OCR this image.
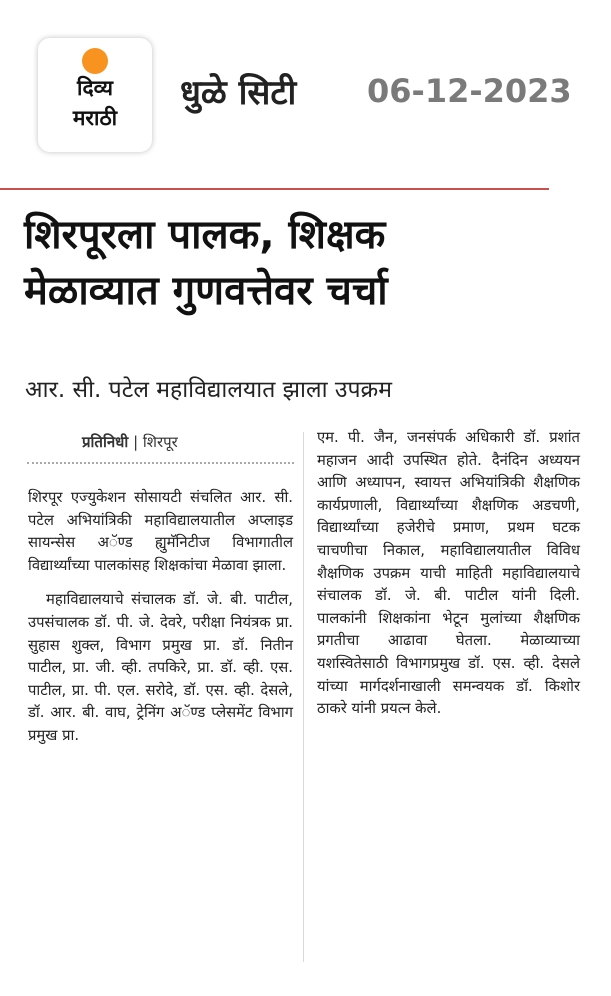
दिव्य
मराठी
धुळे सिटी 06-12-2023
शिरपूरला पालक, शिक्षक
मेळाव्यात गुणवत्तेवर चर्चा
आर. सी. पटेल महाविद्यालयात झाला उपक्रम
प्रतिनिधी | शिरपूर

शिरपूर एज्युकेशन सोसायटी संचलित आर. सी. पटेल अभियांत्रिकी महाविद्यालयातील अप्लाइड सायन्सेस अॅण्ड ह्युमॅनिटीज विभागातील विद्यार्थ्यांच्या पालकांसह शिक्षकांचा मेळावा झाला.

महाविद्यालयाचे संचालक डॉ. जे. बी. पाटील, उपसंचालक डॉ. पी. जे. देवरे, परीक्षा नियंत्रक प्रा. सुहास शुक्ल, विभाग प्रमुख प्रा. डॉ. नितीन पाटील, प्रा. जी. व्ही. तपकिरे, प्रा. डॉ. व्ही. एस. पाटील, प्रा. पी. एल. सरोदे, डॉ. एस. व्ही. देसले, डॉ. आर. बी. वाघ, ट्रेनिंग अॅण्ड प्लेसमेंट विभाग प्रमुख प्रा.

एम. पी. जैन, जनसंपर्क अधिकारी डॉ. प्रशांत महाजन आदी उपस्थित होते. दैनंदिन अध्ययन आणि अध्यापन, स्वायत्त अभियांत्रिकी शैक्षणिक कार्यप्रणाली, विद्यार्थ्यांच्या शैक्षणिक अडचणी, विद्यार्थ्यांच्या हजेरीचे प्रमाण, प्रथम घटक चाचणीचा निकाल, महाविद्यालयातील विविध शैक्षणिक उपक्रम याची माहिती महाविद्यालयाचे संचालक डॉ. जे. बी. पाटील यांनी दिली. पालकांनी शिक्षकांना भेटून मुलांच्या शैक्षणिक प्रगतीचा आढावा घेतला. मेळाव्याच्या यशस्वितेसाठी विभागप्रमुख डॉ. एस. व्ही. देसले यांच्या मार्गदर्शनाखाली समन्वयक डॉ. किशोर ठाकरे यांनी प्रयत्न केले.
